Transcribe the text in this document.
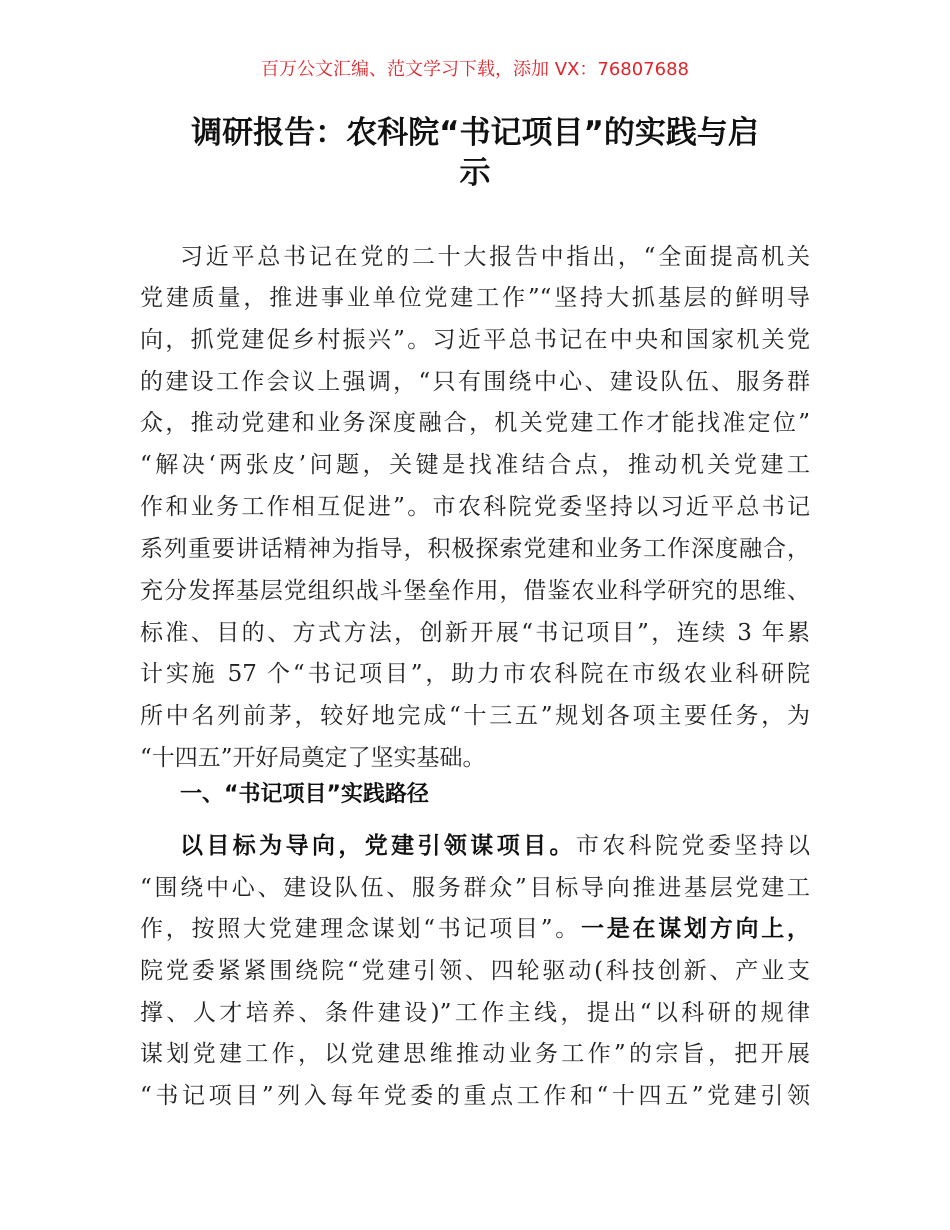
百万公文汇编、范文学习下载，添加 VX：76807688
调研报告：农科院“书记项目”的实践与启
示
习近平总书记在党的二十大报告中指出，“全面提高机关
党建质量，推进事业单位党建工作”“坚持大抓基层的鲜明导
向，抓党建促乡村振兴”。习近平总书记在中央和国家机关党
的建设工作会议上强调，“只有围绕中心、建设队伍、服务群
众，推动党建和业务深度融合，机关党建工作才能找准定位”
“解决‘两张皮’问题，关键是找准结合点，推动机关党建工
作和业务工作相互促进”。市农科院党委坚持以习近平总书记
系列重要讲话精神为指导，积极探索党建和业务工作深度融合，
充分发挥基层党组织战斗堡垒作用，借鉴农业科学研究的思维、
标准、目的、方式方法，创新开展“书记项目”，连续 3 年累
计实施 57 个“书记项目”，助力市农科院在市级农业科研院
所中名列前茅，较好地完成“十三五”规划各项主要任务，为
“十四五”开好局奠定了坚实基础。
一、“书记项目”实践路径
以目标为导向，党建引领谋项目。市农科院党委坚持以
“围绕中心、建设队伍、服务群众”目标导向推进基层党建工
作，按照大党建理念谋划“书记项目”。一是在谋划方向上，
院党委紧紧围绕院“党建引领、四轮驱动(科技创新、产业支
撑、人才培养、条件建设)”工作主线，提出“以科研的规律
谋划党建工作，以党建思维推动业务工作”的宗旨，把开展
“书记项目”列入每年党委的重点工作和“十四五”党建引领
